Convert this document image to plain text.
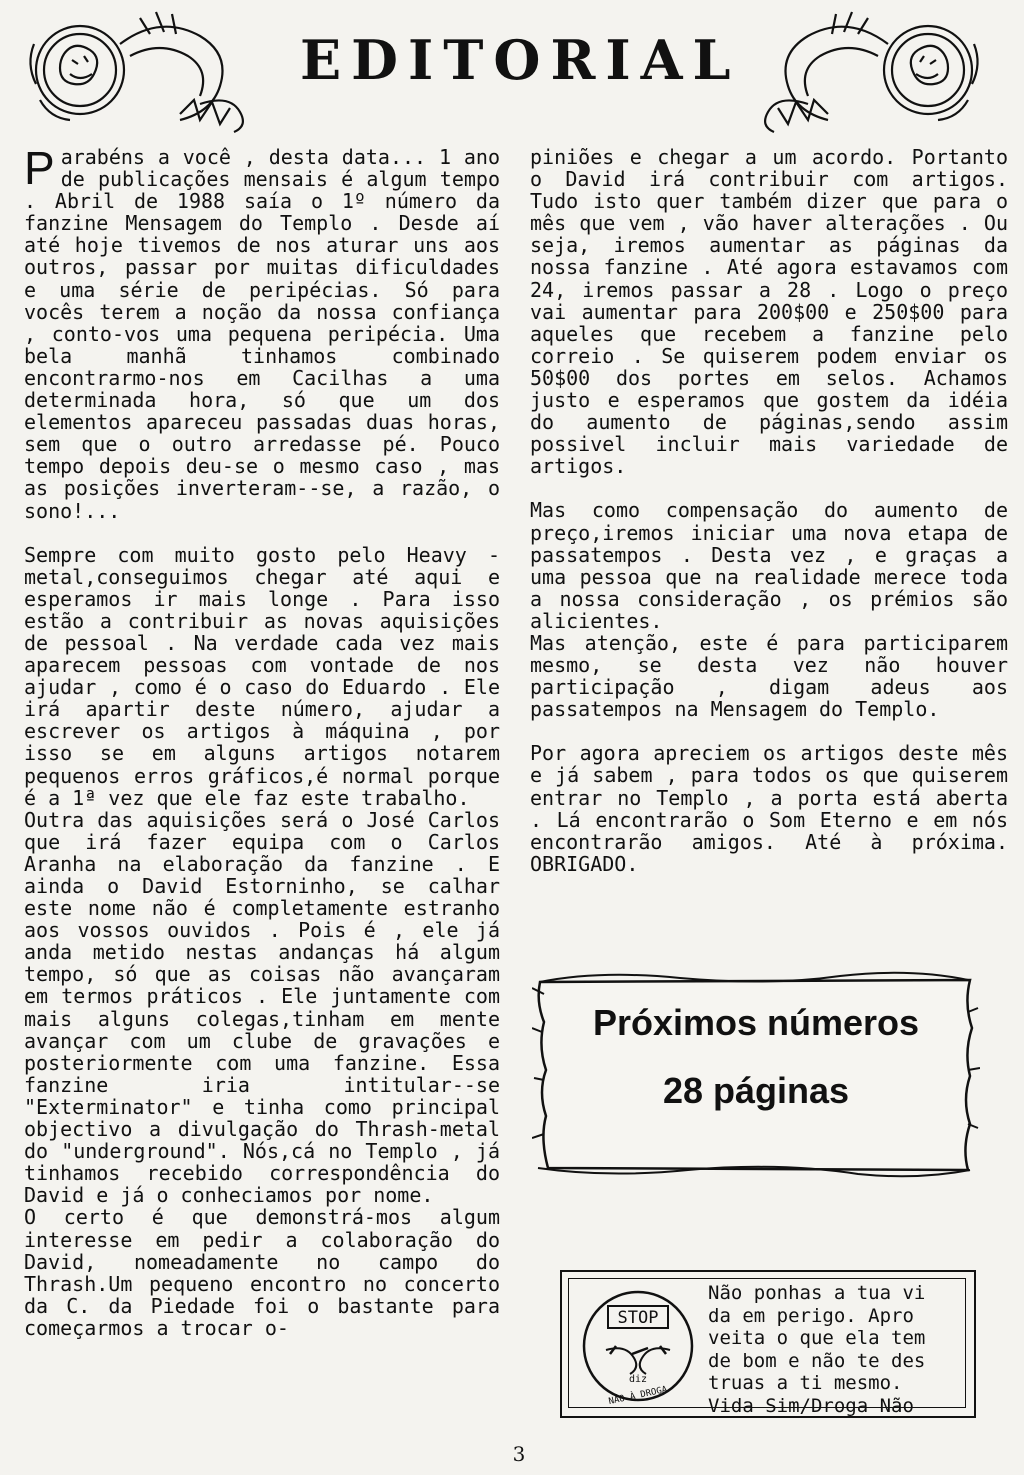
EDITORIAL

Parabéns a você , desta data... 1 ano de publicações mensais é algum tempo . Abril de 1988 saía o 1º número da fanzine Mensagem do Templo . Desde aí até hoje tivemos de nos aturar uns aos outros, passar por muitas dificuldades e uma série de peripécias. Só para vocês terem a noção da nossa confiança , conto-vos uma pequena peripécia. Uma bela manhã tinhamos combinado encontrarmo-nos em Cacilhas a uma determinada hora, só que um dos elementos apareceu passadas duas horas, sem que o outro arredasse pé. Pouco tempo depois deu-se o mesmo caso , mas as posições inverteram--se, a razão, o sono!...

Sempre com muito gosto pelo Heavy -metal,conseguimos chegar até aqui e esperamos ir mais longe . Para isso estão a contribuir as novas aquisições de pessoal . Na verdade cada vez mais aparecem pessoas com vontade de nos ajudar , como é o caso do Eduardo . Ele irá apartir deste número, ajudar a escrever os artigos à máquina , por isso se em alguns artigos notarem pequenos erros gráficos,é normal porque é a 1ª vez que ele faz este trabalho.

Outra das aquisições será o José Carlos que irá fazer equipa com o Carlos Aranha na elaboração da fanzine . E ainda o David Estorninho, se calhar este nome não é completamente estranho aos vossos ouvidos . Pois é , ele já anda metido nestas andanças há algum tempo, só que as coisas não avançaram em termos práticos . Ele juntamente com mais alguns colegas,tinham em mente avançar com um clube de gravações e posteriormente com uma fanzine. Essa fanzine iria intitular--se "Exterminator" e tinha como principal objectivo a divulgação do Thrash-metal do "underground". Nós,cá no Templo , já tinhamos recebido correspondência do David e já o conheciamos por nome.

O certo é que demonstrá-mos algum interesse em pedir a colaboração do David, nomeadamente no campo do Thrash.Um pequeno encontro no concerto da C. da Piedade foi o bastante para começarmos a trocar o-

piniões e chegar a um acordo. Portanto o David irá contribuir com artigos. Tudo isto quer também dizer que para o mês que vem , vão haver alterações . Ou seja, iremos aumentar as páginas da nossa fanzine . Até agora estavamos com 24, iremos passar a 28 . Logo o preço vai aumentar para 200$00 e 250$00 para aqueles que recebem a fanzine pelo correio . Se quiserem podem enviar os 50$00 dos portes em selos. Achamos justo e esperamos que gostem da idéia do aumento de páginas,sendo assim possivel incluir mais variedade de artigos.

Mas como compensação do aumento de preço,iremos iniciar uma nova etapa de passatempos . Desta vez , e graças a uma pessoa que na realidade merece toda a nossa consideração , os prémios são alicientes.

Mas atenção, este é para participarem mesmo, se desta vez não houver participação , digam adeus aos passatempos na Mensagem do Templo.

Por agora apreciem os artigos deste mês e já sabem , para todos os que quiserem entrar no Templo , a porta está aberta . Lá encontrarão o Som Eterno e em nós encontrarão amigos. Até à próxima. OBRIGADO.

Próximos números
28 páginas
STOP
diz
NÃO À DROGA
Não ponhas a tua vi
da em perigo. Apro
veita o que ela tem
de bom e não te des
truas a ti mesmo.
Vida Sim/Droga Não
3
